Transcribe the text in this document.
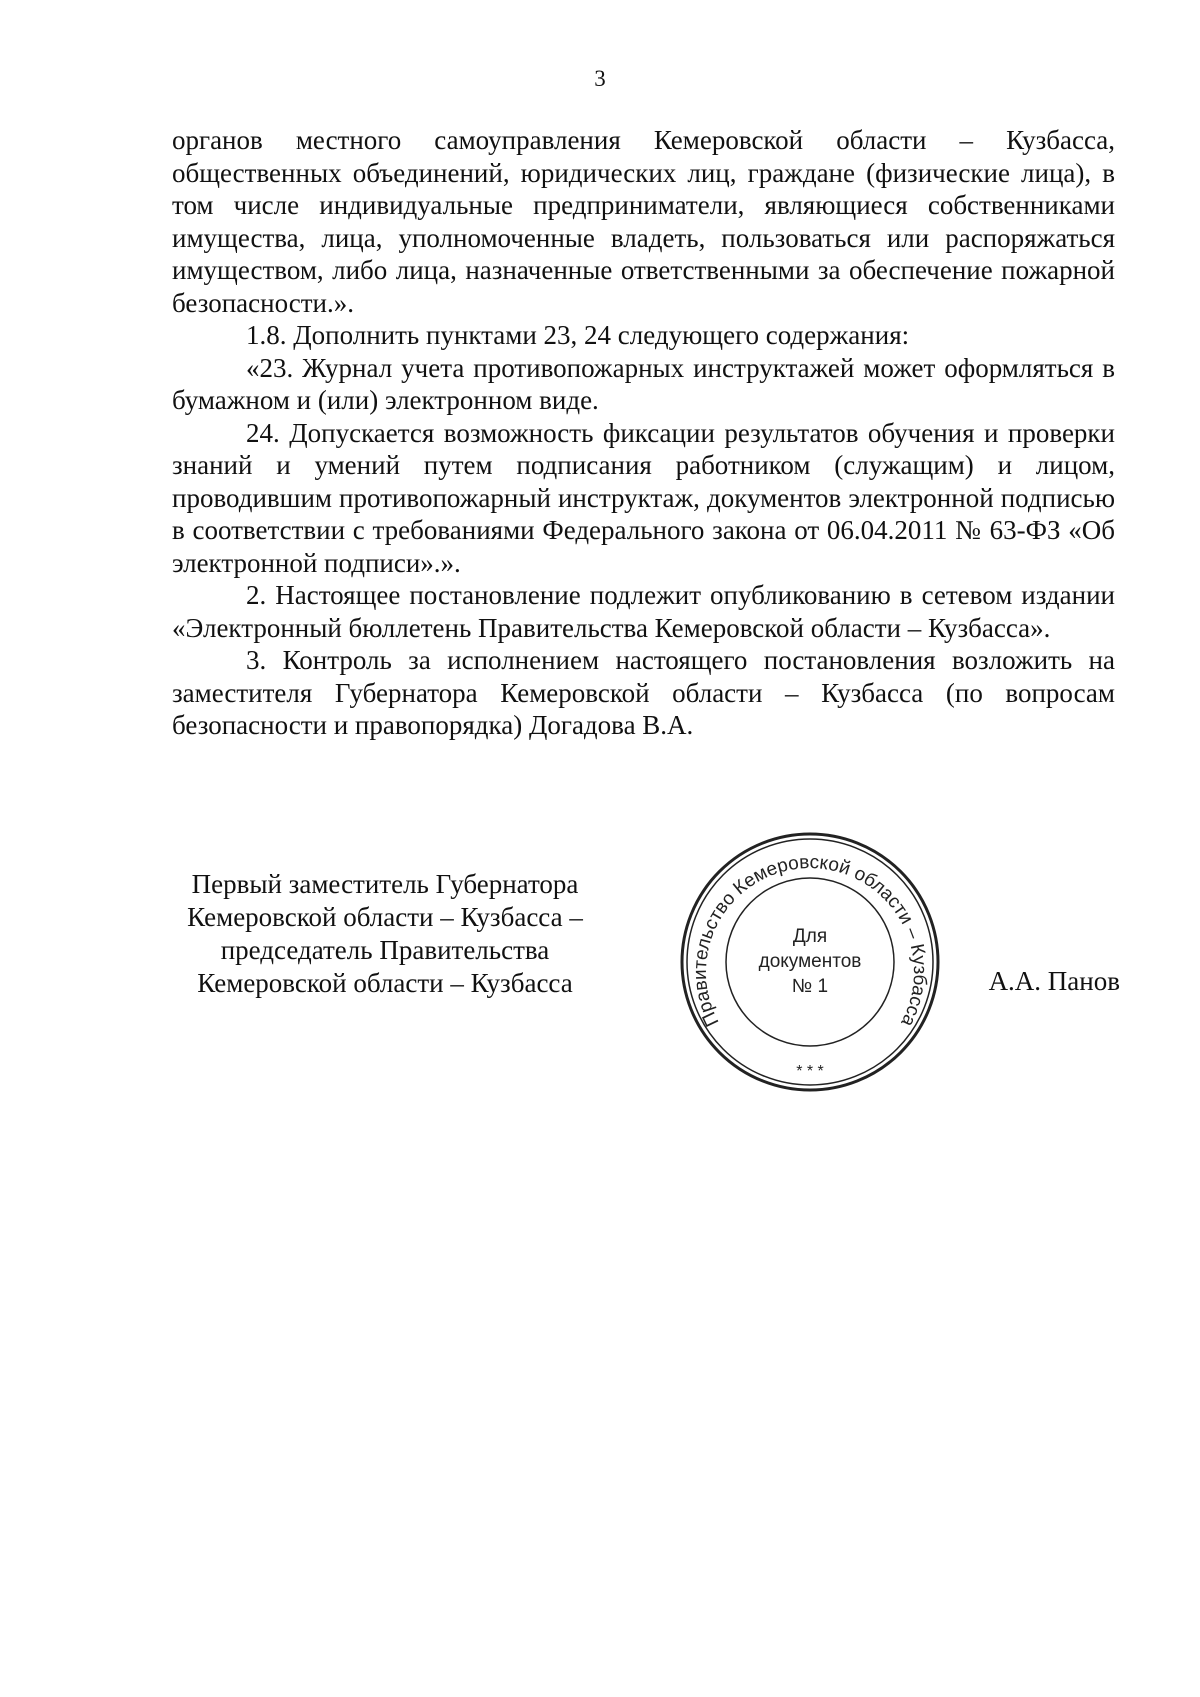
3

органов местного самоуправления Кемеровской области – Кузбасса, общественных объединений, юридических лиц, граждане (физические лица), в том числе индивидуальные предприниматели, являющиеся собственниками имущества, лица, уполномоченные владеть, пользоваться или распоряжаться имуществом, либо лица, назначенные ответственными за обеспечение пожарной безопасности.».

1.8. Дополнить пунктами 23, 24 следующего содержания:

«23. Журнал учета противопожарных инструктажей может оформляться в бумажном и (или) электронном виде.

24. Допускается возможность фиксации результатов обучения и проверки знаний и умений путем подписания работником (служащим) и лицом, проводившим противопожарный инструктаж, документов электронной подписью в соответствии с требованиями Федерального закона от 06.04.2011 № 63-ФЗ «Об электронной подписи».».

2. Настоящее постановление подлежит опубликованию в сетевом издании «Электронный бюллетень Правительства Кемеровской области – Кузбасса».

3. Контроль за исполнением настоящего постановления возложить на заместителя Губернатора Кемеровской области – Кузбасса (по вопросам безопасности и правопорядка) Догадова В.А.

Первый заместитель Губернатора
Кемеровской области – Кузбасса –
председатель Правительства
Кемеровской области – Кузбасса
Правительство Кемеровской области – Кузбасса
* * *
Для
документов
№ 1	А.А. Панов
